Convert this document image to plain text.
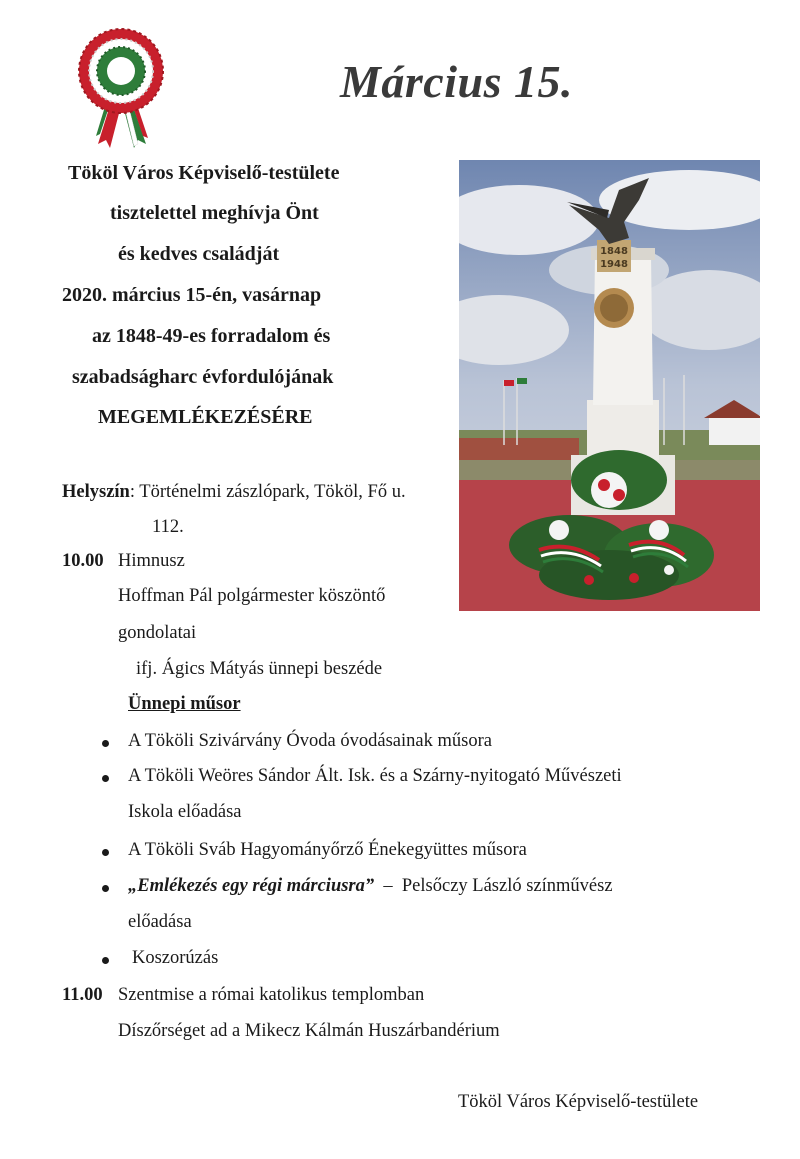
Március 15.
Tököl Város Képviselő-testülete
tisztelettel meghívja Önt
és kedves családját
2020. március 15-én, vasárnap
az 1848-49-es forradalom és
szabadságharc évfordulójának
MEGEMLÉKEZÉSÉRE
1848
1948
Helyszín: Történelmi zászlópark, Tököl, Fő u.
112.
10.00 Himnusz
Hoffman Pál polgármester köszöntő
gondolatai
ifj. Ágics Mátyás ünnepi beszéde
Ünnepi műsor
A Tököli Szivárvány Óvoda óvodásainak műsora
A Tököli Weöres Sándor Ált. Isk. és a Szárny-nyitogató Művészeti
Iskola előadása
A Tököli Sváb Hagyományőrző Énekegyüttes műsora
„Emlékezés egy régi márciusra”  –  Pelsőczy László színművész
előadása
Koszorúzás
11.00 Szentmise a római katolikus templomban
Díszőrséget ad a Mikecz Kálmán Huszárbandérium
Tököl Város Képviselő-testülete
